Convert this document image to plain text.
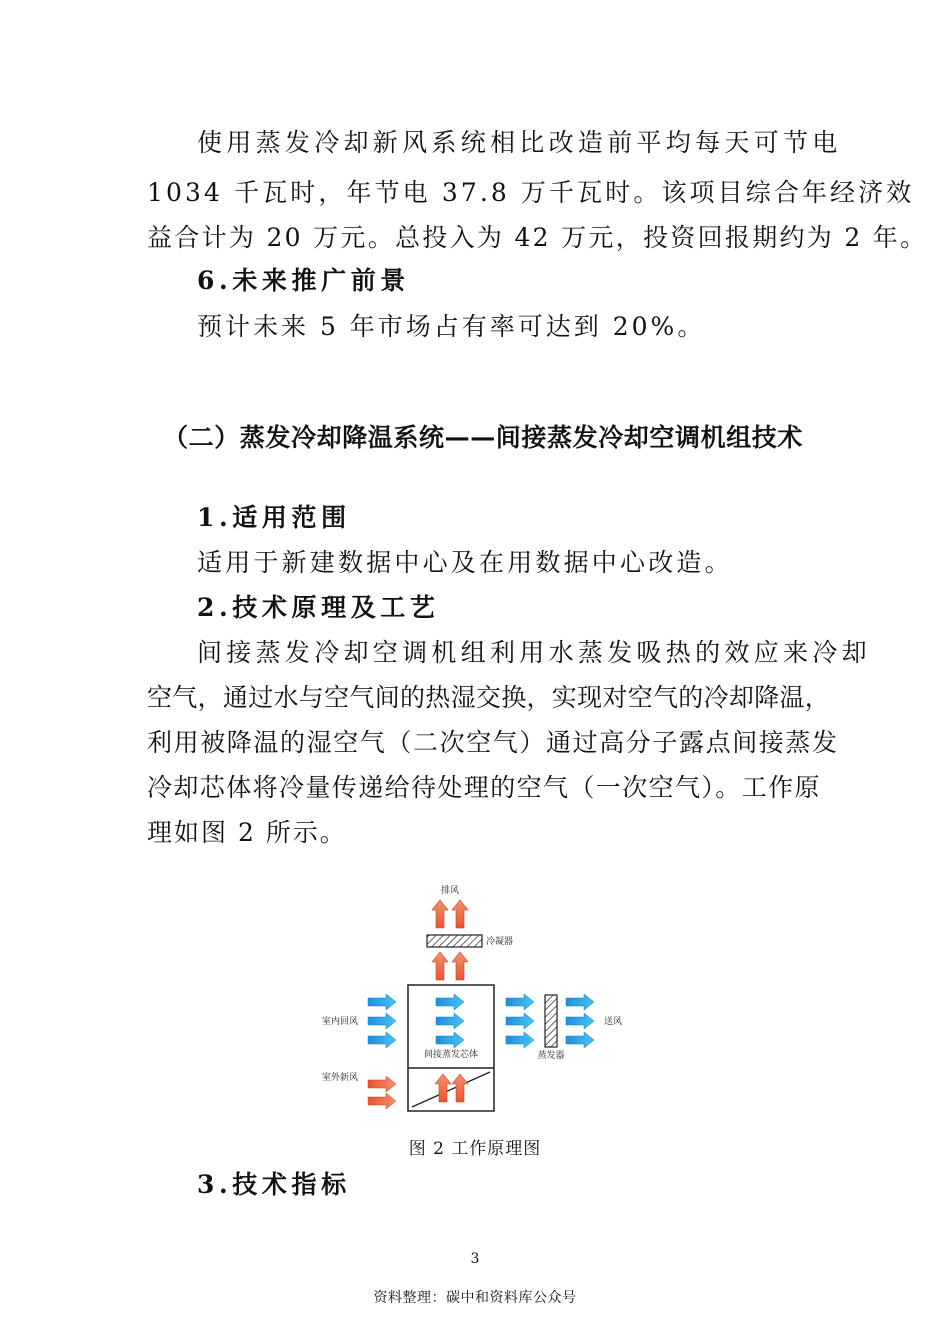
使用蒸发冷却新风系统相比改造前平均每天可节电
1034 千瓦时，年节电 37.8 万千瓦时。该项目综合年经济效
益合计为 20 万元。总投入为 42 万元，投资回报期约为 2 年。
6.未来推广前景
预计未来 5 年市场占有率可达到 20%。
（二）蒸发冷却降温系统——间接蒸发冷却空调机组技术
1.适用范围
适用于新建数据中心及在用数据中心改造。
2.技术原理及工艺
间接蒸发冷却空调机组利用水蒸发吸热的效应来冷却
空气，通过水与空气间的热湿交换，实现对空气的冷却降温，
利用被降温的湿空气（二次空气）通过高分子露点间接蒸发
冷却芯体将冷量传递给待处理的空气（一次空气）。工作原
理如图 2 所示。
排风
冷凝器
间接蒸发芯体
室内回风
蒸发器
送风
室外新风
图 2 工作原理图
3.技术指标
3
资料整理：碳中和资料库公众号
